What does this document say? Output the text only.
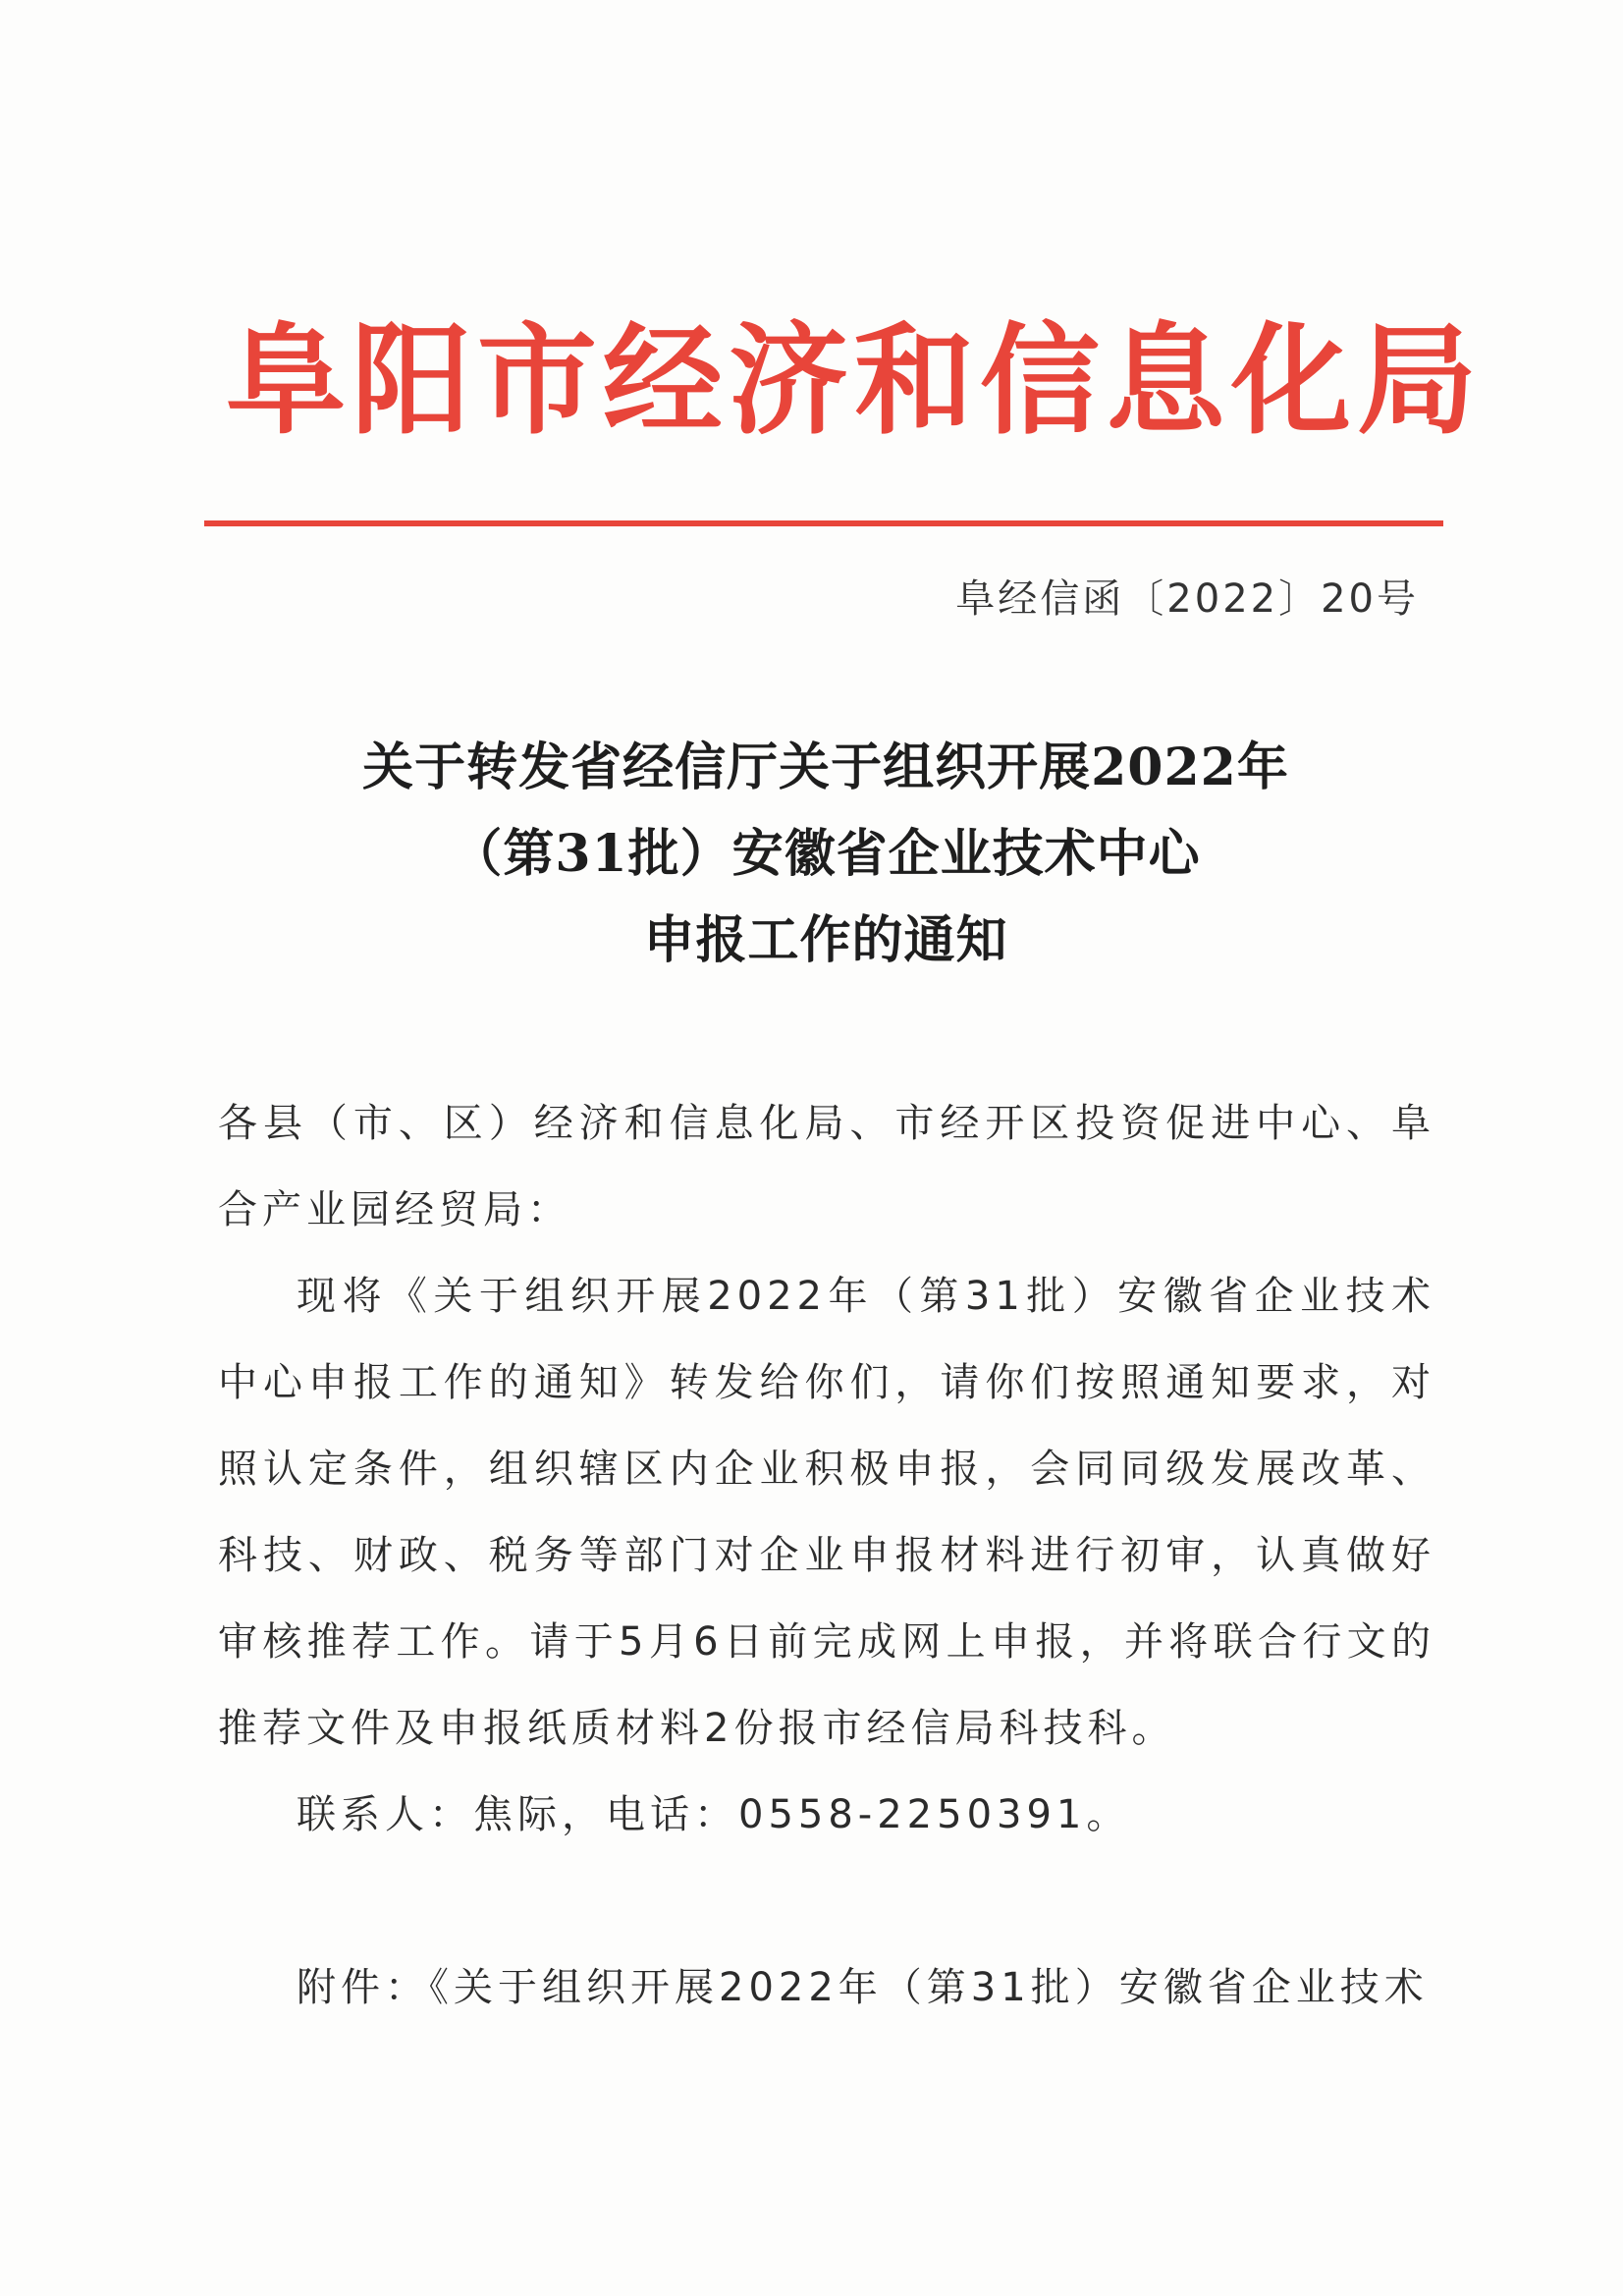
阜阳市经济和信息化局
阜经信函〔2022〕20号
关于转发省经信厅关于组织开展2022年
（第31批）安徽省企业技术中心
申报工作的通知

各县（市、区）经济和信息化局、市经开区投资促进中心、阜合产业园经贸局：

现将《关于组织开展2022年（第31批）安徽省企业技术中心申报工作的通知》转发给你们，请你们按照通知要求，对照认定条件，组织辖区内企业积极申报，会同同级发展改革、科技、财政、税务等部门对企业申报材料进行初审，认真做好审核推荐工作。请于5月6日前完成网上申报，并将联合行文的推荐文件及申报纸质材料2份报市经信局科技科。

联系人：焦际，电话：0558-2250391。

附件：《关于组织开展2022年（第31批）安徽省企业技术
